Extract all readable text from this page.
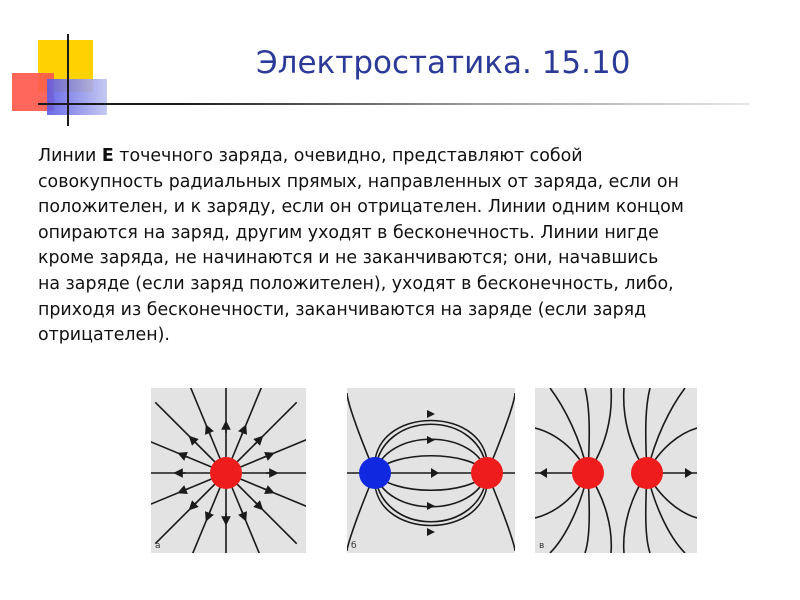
Электростатика. 15.10

Линии E точечного заряда, очевидно, представляют собой
совокупность радиальных прямых, направленных от заряда, если он
положителен, и к заряду, если он отрицателен. Линии одним концом
опираются на заряд, другим уходят в бесконечность. Линии нигде
кроме заряда, не начинаются и не заканчиваются; они, начавшись
на заряде (если заряд положителен), уходят в бесконечность, либо,
приходя из бесконечности, заканчиваются на заряде (если заряд
отрицателен).

а	б	в
